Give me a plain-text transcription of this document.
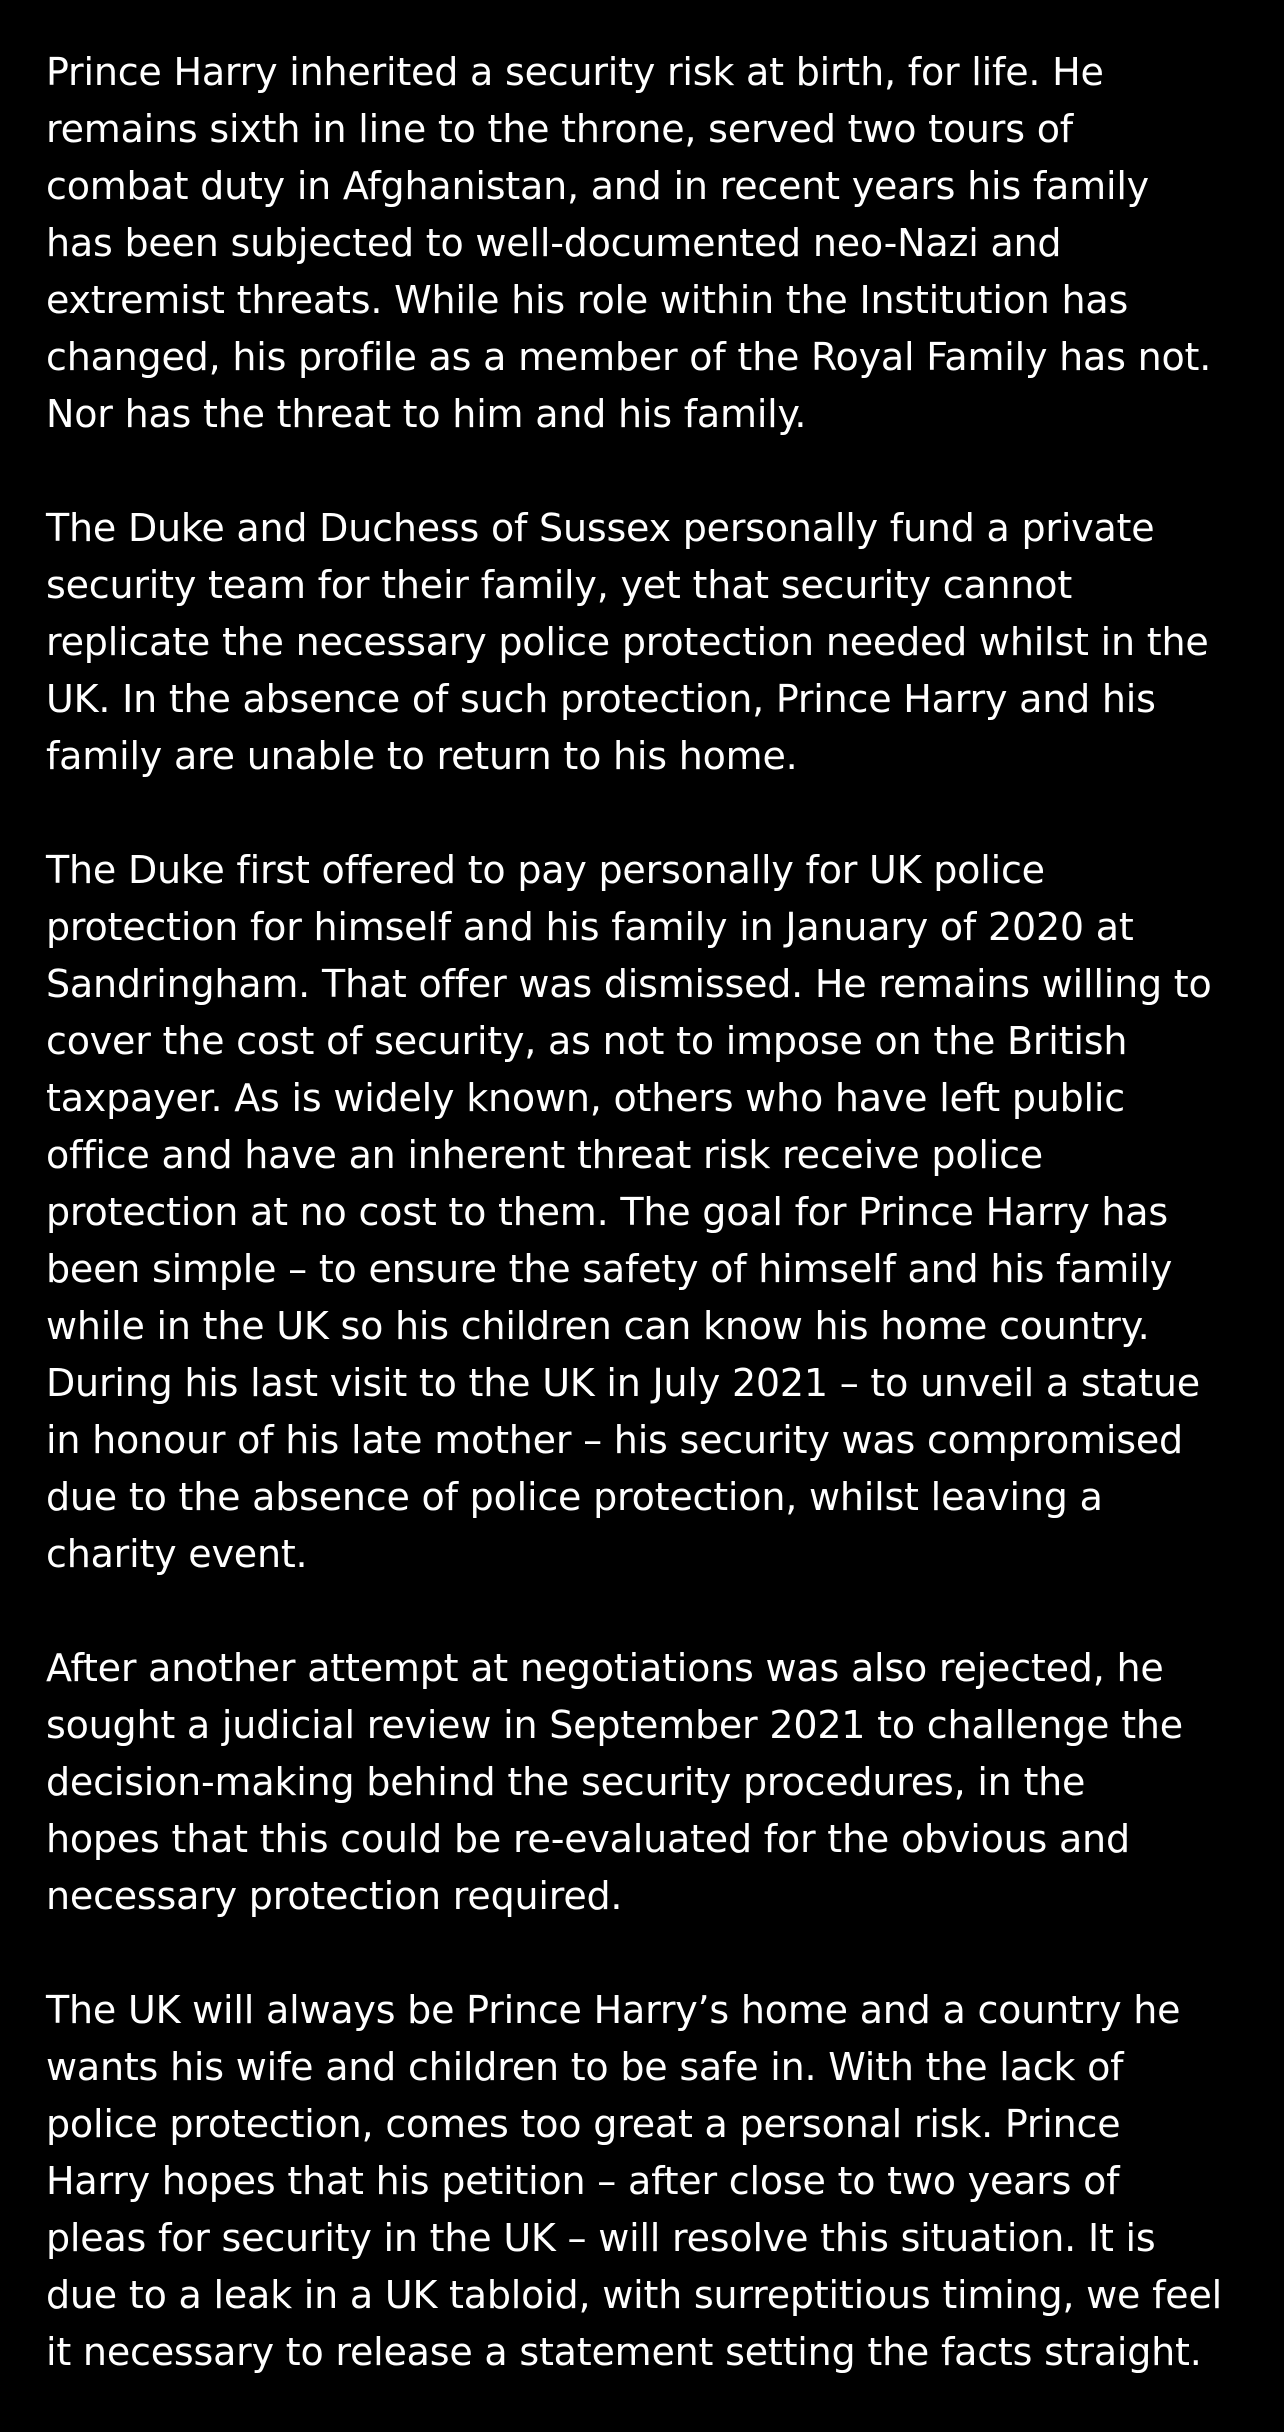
Prince Harry inherited a security risk at birth, for life. He
remains sixth in line to the throne, served two tours of
combat duty in Afghanistan, and in recent years his family
has been subjected to well-documented neo-Nazi and
extremist threats. While his role within the Institution has
changed, his profile as a member of the Royal Family has not.
Nor has the threat to him and his family.

The Duke and Duchess of Sussex personally fund a private
security team for their family, yet that security cannot
replicate the necessary police protection needed whilst in the
UK. In the absence of such protection, Prince Harry and his
family are unable to return to his home.

The Duke first offered to pay personally for UK police
protection for himself and his family in January of 2020 at
Sandringham. That offer was dismissed. He remains willing to
cover the cost of security, as not to impose on the British
taxpayer. As is widely known, others who have left public
office and have an inherent threat risk receive police
protection at no cost to them. The goal for Prince Harry has
been simple – to ensure the safety of himself and his family
while in the UK so his children can know his home country.
During his last visit to the UK in July 2021 – to unveil a statue
in honour of his late mother – his security was compromised
due to the absence of police protection, whilst leaving a
charity event.

After another attempt at negotiations was also rejected, he
sought a judicial review in September 2021 to challenge the
decision-making behind the security procedures, in the
hopes that this could be re-evaluated for the obvious and
necessary protection required.

The UK will always be Prince Harry’s home and a country he
wants his wife and children to be safe in. With the lack of
police protection, comes too great a personal risk. Prince
Harry hopes that his petition – after close to two years of
pleas for security in the UK – will resolve this situation. It is
due to a leak in a UK tabloid, with surreptitious timing, we feel
it necessary to release a statement setting the facts straight.
